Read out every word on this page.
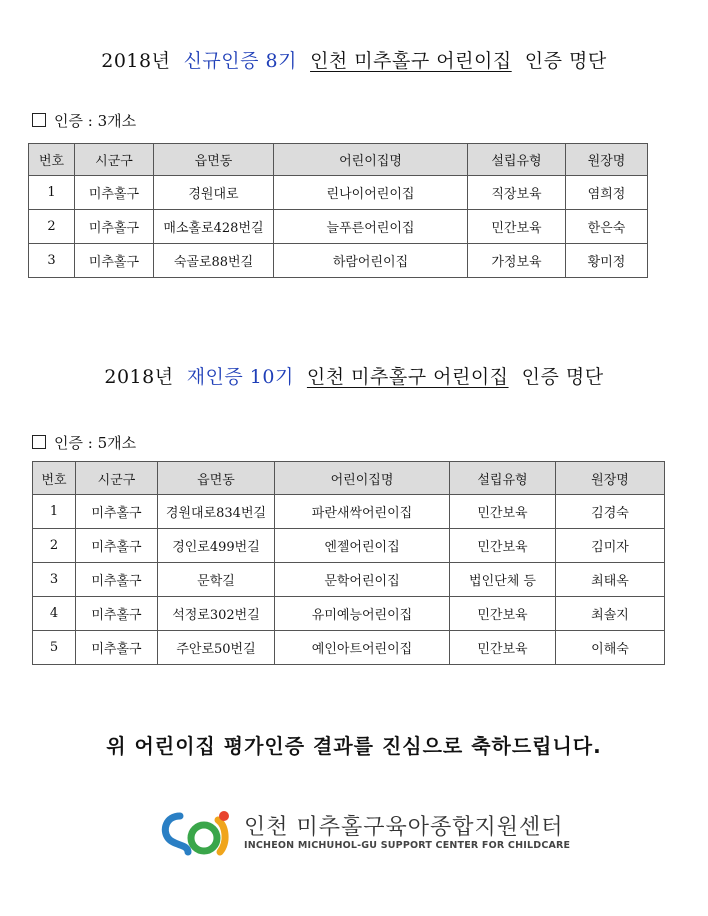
2018년 신규인증 8기 인천 미추홀구 어린이집 인증 명단
인증 : 3개소
번호	시군구	읍면동	어린이집명	설립유형	원장명
1	미추홀구	경원대로	린나이어린이집	직장보육	염희정
2	미추홀구	매소홀로428번길	늘푸른어린이집	민간보육	한은숙
3	미추홀구	숙골로88번길	하람어린이집	가정보육	황미정
2018년 재인증 10기 인천 미추홀구 어린이집 인증 명단
인증 : 5개소
번호	시군구	읍면동	어린이집명	설립유형	원장명
1	미추홀구	경원대로834번길	파란새싹어린이집	민간보육	김경숙
2	미추홀구	경인로499번길	엔젤어린이집	민간보육	김미자
3	미추홀구	문학길	문학어린이집	법인단체 등	최태옥
4	미추홀구	석정로302번길	유미예능어린이집	민간보육	최솔지
5	미추홀구	주안로50번길	예인아트어린이집	민간보육	이해숙
위 어린이집 평가인증 결과를 진심으로 축하드립니다.
인천 미추홀구육아종합지원센터
INCHEON MICHUHOL-GU SUPPORT CENTER FOR CHILDCARE
